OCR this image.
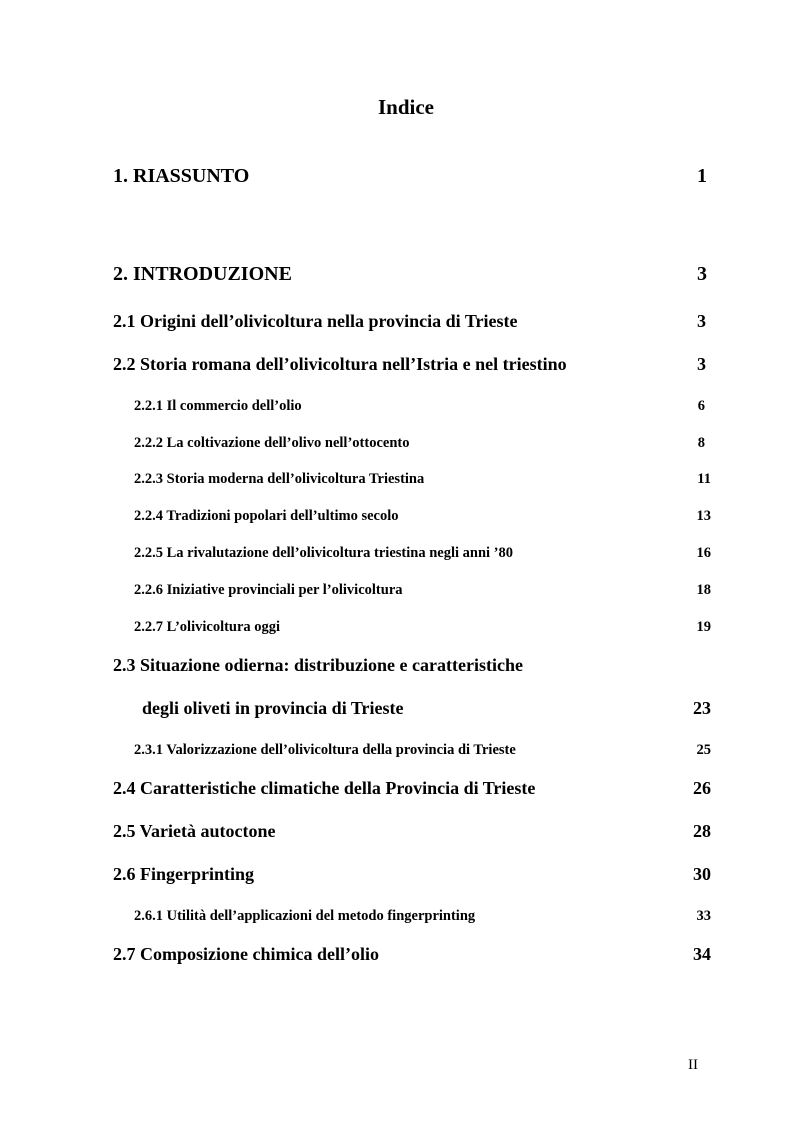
Indice
1. RIASSUNTO	1
2. INTRODUZIONE	3
2.1 Origini dell’olivicoltura nella provincia di Trieste	3
2.2 Storia romana dell’olivicoltura nell’Istria e nel triestino	3
2.2.1 Il commercio dell’olio	6
2.2.2 La coltivazione dell’olivo nell’ottocento	8
2.2.3 Storia moderna dell’olivicoltura Triestina	11
2.2.4 Tradizioni popolari dell’ultimo secolo	13
2.2.5 La rivalutazione dell’olivicoltura triestina negli anni ’80	16
2.2.6 Iniziative provinciali per l’olivicoltura	18
2.2.7 L’olivicoltura oggi	19
2.3 Situazione odierna: distribuzione e caratteristiche
degli oliveti in provincia di Trieste	23
2.3.1 Valorizzazione dell’olivicoltura della provincia di Trieste	25
2.4 Caratteristiche climatiche della Provincia di Trieste	26
2.5 Varietà autoctone	28
2.6 Fingerprinting	30
2.6.1 Utilità dell’applicazioni del metodo fingerprinting	33
2.7 Composizione chimica dell’olio	34
II
